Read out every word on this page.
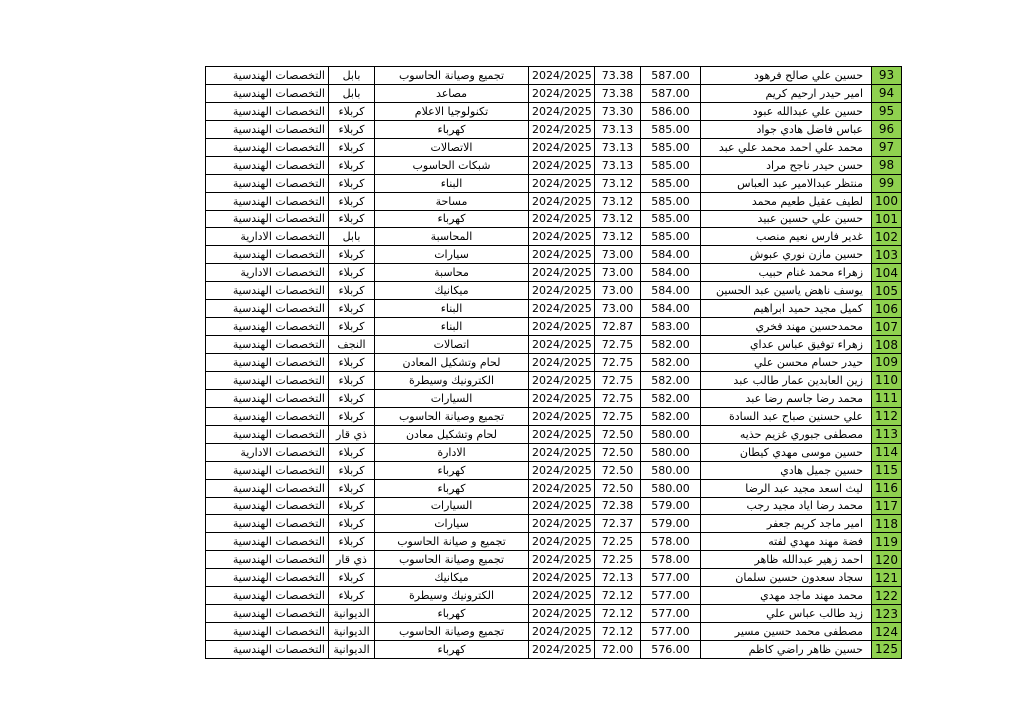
التخصصات الهندسية	بابل	تجميع وصيانة الحاسوب	2024/2025	73.38	587.00	حسين علي صالح فرهود	93
التخصصات الهندسية	بابل	مصاعد	2024/2025	73.38	587.00	امير حيدر ارحيم كريم	94
التخصصات الهندسية	كربلاء	تكنولوجيا الاعلام	2024/2025	73.30	586.00	حسين علي عبدالله عبود	95
التخصصات الهندسية	كربلاء	كهرباء	2024/2025	73.13	585.00	عباس فاضل هادي جواد	96
التخصصات الهندسية	كربلاء	الاتصالات	2024/2025	73.13	585.00	محمد علي احمد محمد علي عبد	97
التخصصات الهندسية	كربلاء	شبكات الحاسوب	2024/2025	73.13	585.00	حسن حيدر ناجح مراد	98
التخصصات الهندسية	كربلاء	البناء	2024/2025	73.12	585.00	منتظر عبدالامير عبد العباس	99
التخصصات الهندسية	كربلاء	مساحة	2024/2025	73.12	585.00	لطيف عقيل طعيم محمد	100
التخصصات الهندسية	كربلاء	كهرباء	2024/2025	73.12	585.00	حسين علي حسين عبيد	101
التخصصات الادارية	بابل	المحاسبة	2024/2025	73.12	585.00	غدير فارس نعيم منصب	102
التخصصات الهندسية	كربلاء	سيارات	2024/2025	73.00	584.00	حسين مازن نوري عبوش	103
التخصصات الادارية	كربلاء	محاسبة	2024/2025	73.00	584.00	زهراء محمد غنام حبيب	104
التخصصات الهندسية	كربلاء	ميكانيك	2024/2025	73.00	584.00	يوسف ناهض ياسين عبد الحسين	105
التخصصات الهندسية	كربلاء	البناء	2024/2025	73.00	584.00	كميل مجيد حميد ابراهيم	106
التخصصات الهندسية	كربلاء	البناء	2024/2025	72.87	583.00	محمدحسين مهند فخري	107
التخصصات الهندسية	النجف	اتصالات	2024/2025	72.75	582.00	زهراء توفيق عباس عداي	108
التخصصات الهندسية	كربلاء	لحام وتشكيل المعادن	2024/2025	72.75	582.00	حيدر حسام محسن علي	109
التخصصات الهندسية	كربلاء	الكترونيك وسيطرة	2024/2025	72.75	582.00	زين العابدين عمار طالب عبد	110
التخصصات الهندسية	كربلاء	السيارات	2024/2025	72.75	582.00	محمد رضا جاسم رضا عبد	111
التخصصات الهندسية	كربلاء	تجميع وصيانة الحاسوب	2024/2025	72.75	582.00	علي حسنين صباح عبد السادة	112
التخصصات الهندسية	ذي قار	لحام وتشكيل معادن	2024/2025	72.50	580.00	مصطفى جبوري غزيم حذيه	113
التخصصات الادارية	كربلاء	الادارة	2024/2025	72.50	580.00	حسين موسى مهدي كيطان	114
التخصصات الهندسية	كربلاء	كهرباء	2024/2025	72.50	580.00	حسين جميل هادي	115
التخصصات الهندسية	كربلاء	كهرباء	2024/2025	72.50	580.00	ليث اسعد مجيد عبد الرضا	116
التخصصات الهندسية	كربلاء	السيارات	2024/2025	72.38	579.00	محمد رضا اياد مجيد رجب	117
التخصصات الهندسية	كربلاء	سيارات	2024/2025	72.37	579.00	امير ماجد كريم جعفر	118
التخصصات الهندسية	كربلاء	تجميع و صيانة الحاسوب	2024/2025	72.25	578.00	فضة مهند مهدي لفته	119
التخصصات الهندسية	ذي قار	تجميع وصيانة الحاسوب	2024/2025	72.25	578.00	احمد زهير عبدالله ظاهر	120
التخصصات الهندسية	كربلاء	ميكانيك	2024/2025	72.13	577.00	سجاد سعدون حسين سلمان	121
التخصصات الهندسية	كربلاء	الكترونيك وسيطرة	2024/2025	72.12	577.00	محمد مهند ماجد مهدي	122
التخصصات الهندسية	الديوانية	كهرباء	2024/2025	72.12	577.00	زيد طالب عباس علي	123
التخصصات الهندسية	الديوانية	تجميع وصيانة الحاسوب	2024/2025	72.12	577.00	مصطفى محمد حسين مسير	124
التخصصات الهندسية	الديوانية	كهرباء	2024/2025	72.00	576.00	حسين ظاهر راضي كاظم	125
